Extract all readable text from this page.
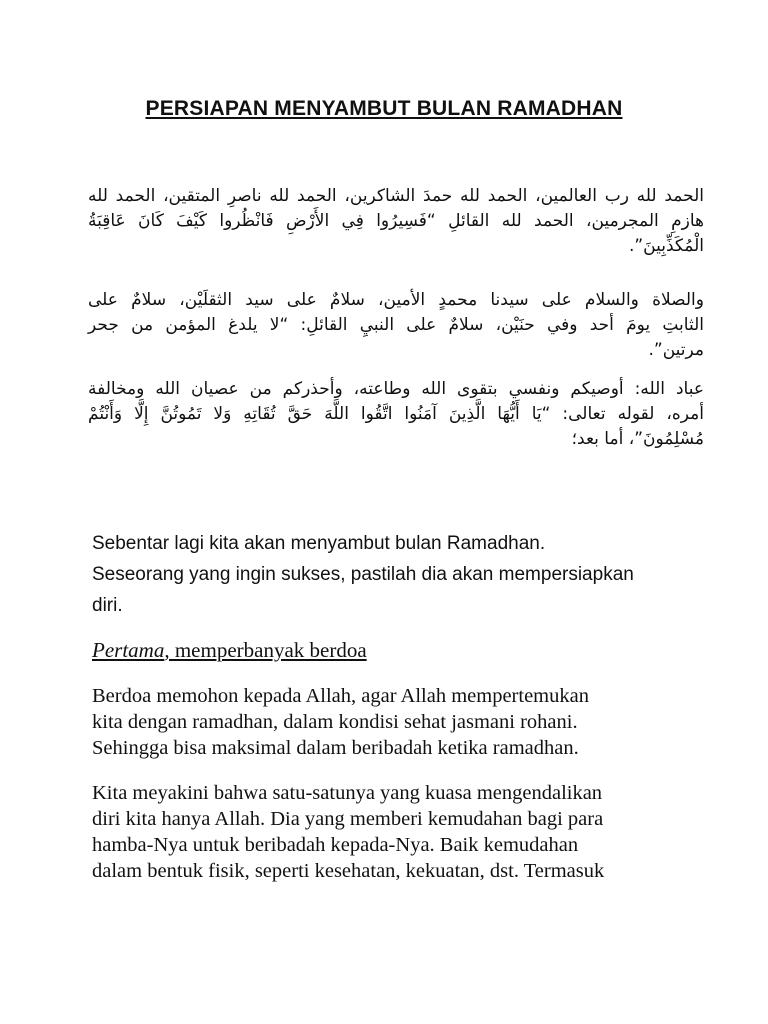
PERSIAPAN MENYAMBUT BULAN RAMADHAN
الحمد لله رب العالمين، الحمد لله حمدَ الشاكرين، الحمد لله ناصرِ المتقين، الحمد لله
هازمِ المجرمين، الحمد لله القائلِ “فَسِيرُوا فِي الأَرْضِ فَانْظُروا كَيْفَ كَانَ عَاقِبَةُ
الْمُكَذِّبِينَ”.
والصلاة والسلام على سيدنا محمدٍ الأمين، سلامٌ على سيد الثقلَيْن، سلامٌ على
الثابتِ يومَ أحد وفي حنَيْن، سلامٌ على النبيِ القائلِ: “لا يلدغ المؤمن من جحر
مرتين”.
عباد الله: أوصيكم ونفسي بتقوى الله وطاعته، وأحذركم من عصيان الله ومخالفة
أمره، لقوله تعالى: “يَا أَيُّهَا الَّذِينَ آمَنُوا اتَّقُوا اللَّهَ حَقَّ تُقَاتِهِ وَلا تَمُوتُنَّ إِلَّا وَأَنْتُمْ
مُسْلِمُونَ”، أما بعد؛
Sebentar lagi kita akan menyambut bulan Ramadhan.
Seseorang yang ingin sukses, pastilah dia akan mempersiapkan
diri.
Pertama, memperbanyak berdoa
Berdoa memohon kepada Allah, agar Allah mempertemukan
kita dengan ramadhan, dalam kondisi sehat jasmani rohani.
Sehingga bisa maksimal dalam beribadah ketika ramadhan.
Kita meyakini bahwa satu-satunya yang kuasa mengendalikan
diri kita hanya Allah. Dia yang memberi kemudahan bagi para
hamba-Nya untuk beribadah kepada-Nya. Baik kemudahan
dalam bentuk fisik, seperti kesehatan, kekuatan, dst. Termasuk
